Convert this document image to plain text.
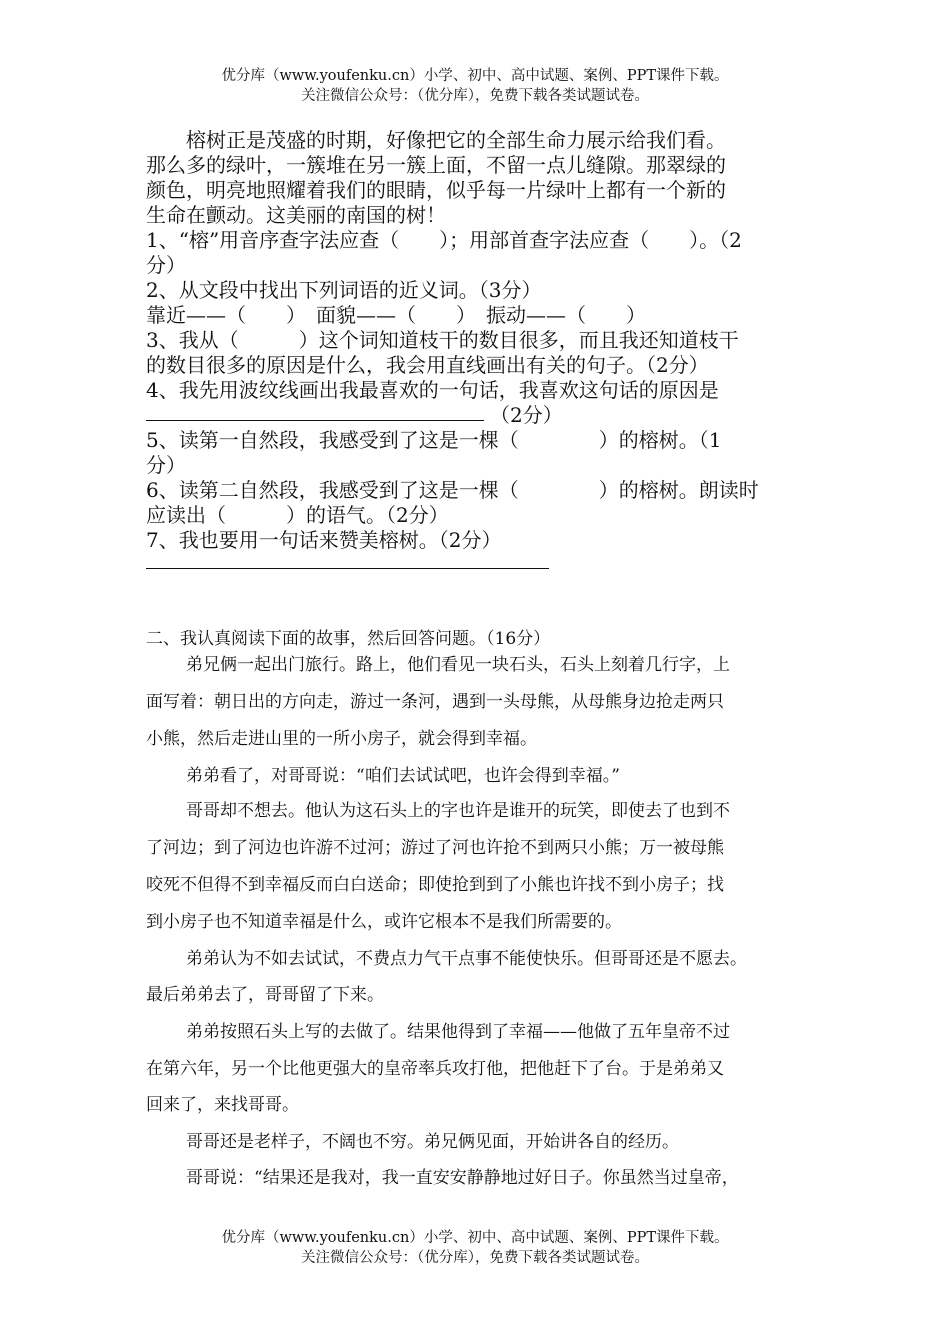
优分库（www.youfenku.cn）小学、初中、高中试题、案例、PPT课件下载。
关注微信公众号：（优分库），免费下载各类试题试卷。
榕树正是茂盛的时期，好像把它的全部生命力展示给我们看。
那么多的绿叶，一簇堆在另一簇上面，不留一点儿缝隙。那翠绿的
颜色，明亮地照耀着我们的眼睛，似乎每一片绿叶上都有一个新的
生命在颤动。这美丽的南国的树！
1、“榕”用音序查字法应查（　　）；用部首查字法应查（　　）。（2
分）
2、从文段中找出下列词语的近义词。（3分）
靠近——（　　）　面貌——（　　）　振动——（　　）
3、我从（　　　）这个词知道枝干的数目很多，而且我还知道枝干
的数目很多的原因是什么，我会用直线画出有关的句子。（2分）
4、我先用波纹线画出我最喜欢的一句话，我喜欢这句话的原因是
（2分）
5、读第一自然段，我感受到了这是一棵（　　　　）的榕树。（1
分）
6、读第二自然段，我感受到了这是一棵（　　　　）的榕树。朗读时
应读出（　　　）的语气。（2分）
7、我也要用一句话来赞美榕树。（2分）
二、我认真阅读下面的故事，然后回答问题。（16分）
弟兄俩一起出门旅行。路上，他们看见一块石头，石头上刻着几行字，上
面写着：朝日出的方向走，游过一条河，遇到一头母熊，从母熊身边抢走两只
小熊，然后走进山里的一所小房子，就会得到幸福。
弟弟看了，对哥哥说：“咱们去试试吧，也许会得到幸福。”
哥哥却不想去。他认为这石头上的字也许是谁开的玩笑，即使去了也到不
了河边；到了河边也许游不过河；游过了河也许抢不到两只小熊；万一被母熊
咬死不但得不到幸福反而白白送命；即使抢到到了小熊也许找不到小房子；找
到小房子也不知道幸福是什么，或许它根本不是我们所需要的。
弟弟认为不如去试试，不费点力气干点事不能使快乐。但哥哥还是不愿去。
最后弟弟去了，哥哥留了下来。
弟弟按照石头上写的去做了。结果他得到了幸福——他做了五年皇帝不过
在第六年，另一个比他更强大的皇帝率兵攻打他，把他赶下了台。于是弟弟又
回来了，来找哥哥。
哥哥还是老样子，不阔也不穷。弟兄俩见面，开始讲各自的经历。
哥哥说：“结果还是我对，我一直安安静静地过好日子。你虽然当过皇帝，
优分库（www.youfenku.cn）小学、初中、高中试题、案例、PPT课件下载。
关注微信公众号：（优分库），免费下载各类试题试卷。
